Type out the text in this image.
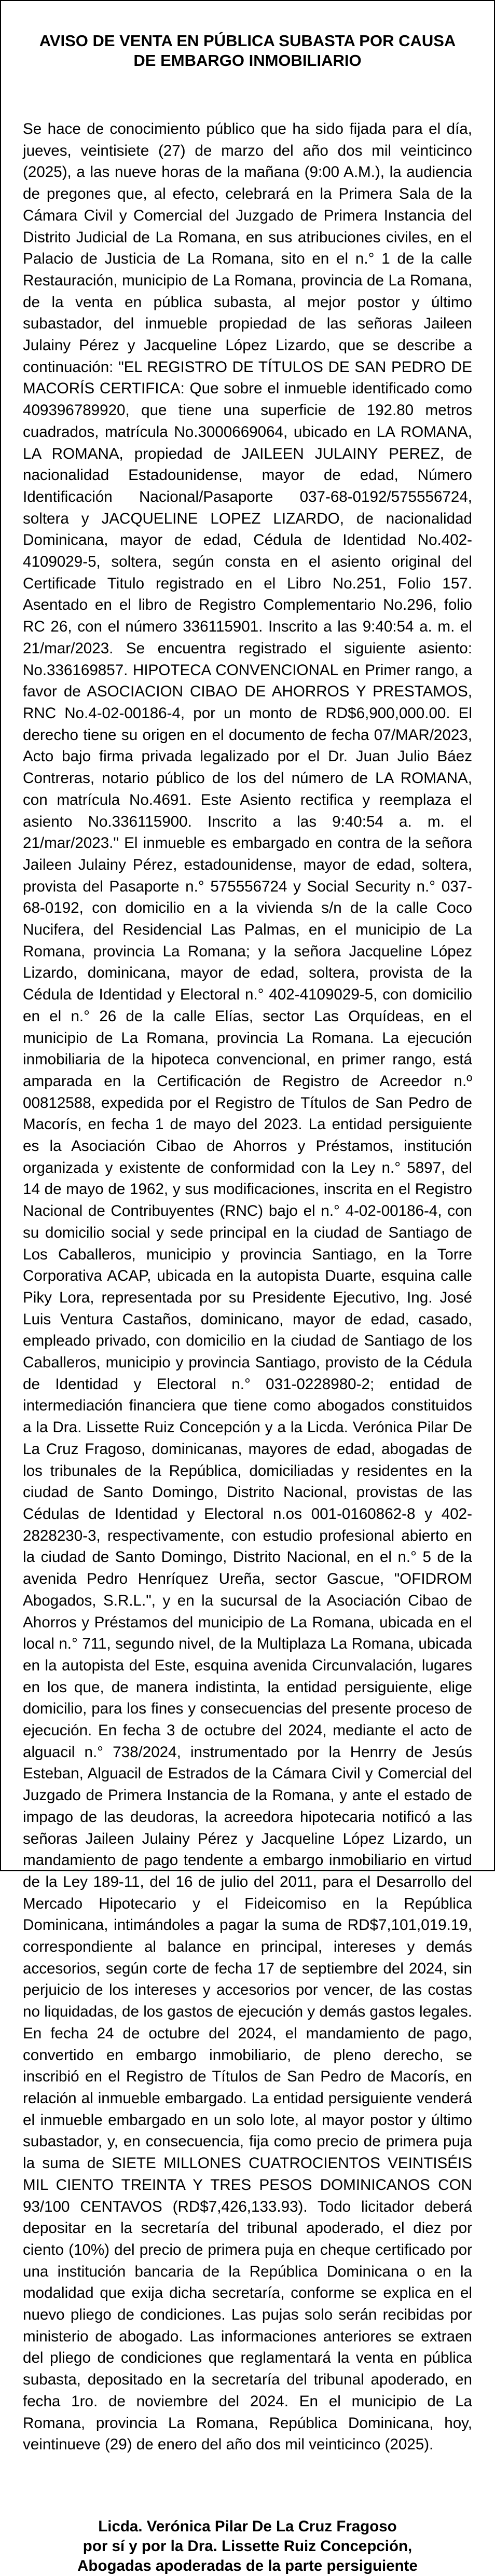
AVISO DE VENTA EN PÚBLICA SUBASTA POR CAUSA
DE EMBARGO INMOBILIARIO
Se hace de conocimiento público que ha sido fijada para el día, jueves, veintisiete (27) de marzo del año dos mil veinticinco (2025), a las nueve horas de la mañana (9:00 A.M.), la audiencia de pregones que, al efecto, celebrará en la Primera Sala de la Cámara Civil y Comercial del Juzgado de Primera Instancia del Distrito Judicial de La Romana, en sus atribuciones civiles, en el Palacio de Justicia de La Romana, sito en el n.° 1 de la calle Restauración, municipio de La Romana, provincia de La Romana, de la venta en pública subasta, al mejor postor y último subastador, del inmueble propiedad de las señoras Jaileen Julainy Pérez y Jacqueline López Lizardo, que se describe a continuación: "EL REGISTRO DE TÍTULOS DE SAN PEDRO DE MACORÍS CERTIFICA: Que sobre el inmueble identificado como 409396789920, que tiene una superficie de 192.80 metros cuadrados, matrícula No.3000669064, ubicado en LA ROMANA, LA ROMANA, propiedad de JAILEEN JULAINY PEREZ, de nacionalidad Estadounidense, mayor de edad, Número Identificación Nacional/Pasaporte 037-68-0192/575556724, soltera y JACQUELINE LOPEZ LIZARDO, de nacionalidad Dominicana, mayor de edad, Cédula de Identidad No.402-4109029-5, soltera, según consta en el asiento original del Certificade Titulo registrado en el Libro No.251, Folio 157. Asentado en el libro de Registro Complementario No.296, folio RC 26, con el número 336115901. Inscrito a las 9:40:54 a. m. el 21/mar/2023. Se encuentra registrado el siguiente asiento: No.336169857. HIPOTECA CONVENCIONAL en Primer rango, a favor de ASOCIACION CIBAO DE AHORROS Y PRESTAMOS, RNC No.4-02-00186-4, por un monto de RD$6,900,000.00. El derecho tiene su origen en el documento de fecha 07/MAR/2023, Acto bajo firma privada legalizado por el Dr. Juan Julio Báez Contreras, notario público de los del número de LA ROMANA, con matrícula No.4691. Este Asiento rectifica y reemplaza el asiento No.336115900. Inscrito a las 9:40:54 a. m. el 21/mar/2023." El inmueble es embargado en contra de la señora Jaileen Julainy Pérez, estadounidense, mayor de edad, soltera, provista del Pasaporte n.° 575556724 y Social Security n.° 037-68-0192, con domicilio en a la vivienda s/n de la calle Coco Nucifera, del Residencial Las Palmas, en el municipio de La Romana, provincia La Romana; y la señora Jacqueline López Lizardo, dominicana, mayor de edad, soltera, provista de la Cédula de Identidad y Electoral n.° 402-4109029-5, con domicilio en el n.° 26 de la calle Elías, sector Las Orquídeas, en el municipio de La Romana, provincia La Romana. La ejecución inmobiliaria de la hipoteca convencional, en primer rango, está amparada en la Certificación de Registro de Acreedor n.º 00812588, expedida por el Registro de Títulos de San Pedro de Macorís, en fecha 1 de mayo del 2023. La entidad persiguiente es la Asociación Cibao de Ahorros y Préstamos, institución organizada y existente de conformidad con la Ley n.° 5897, del 14 de mayo de 1962, y sus modificaciones, inscrita en el Registro Nacional de Contribuyentes (RNC) bajo el n.° 4-02-00186-4, con su domicilio social y sede principal en la ciudad de Santiago de Los Caballeros, municipio y provincia Santiago, en la Torre Corporativa ACAP, ubicada en la autopista Duarte, esquina calle Piky Lora, representada por su Presidente Ejecutivo, Ing. José Luis Ventura Castaños, dominicano, mayor de edad, casado, empleado privado, con domicilio en la ciudad de Santiago de los Caballeros, municipio y provincia Santiago, provisto de la Cédula de Identidad y Electoral n.° 031-0228980-2; entidad de intermediación financiera que tiene como abogados constituidos a la Dra. Lissette Ruiz Concepción y a la Licda. Verónica Pilar De La Cruz Fragoso, dominicanas, mayores de edad, abogadas de los tribunales de la República, domiciliadas y residentes en la ciudad de Santo Domingo, Distrito Nacional, provistas de las Cédulas de Identidad y Electoral n.os 001-0160862-8 y 402-2828230-3, respectivamente, con estudio profesional abierto en la ciudad de Santo Domingo, Distrito Nacional, en el n.° 5 de la avenida Pedro Henríquez Ureña, sector Gascue, "OFIDROM Abogados, S.R.L.", y en la sucursal de la Asociación Cibao de Ahorros y Préstamos del municipio de La Romana, ubicada en el local n.° 711, segundo nivel, de la Multiplaza La Romana, ubicada en la autopista del Este, esquina avenida Circunvalación, lugares en los que, de manera indistinta, la entidad persiguiente, elige domicilio, para los fines y consecuencias del presente proceso de ejecución. En fecha 3 de octubre del 2024, mediante el acto de alguacil n.° 738/2024, instrumentado por la Henrry de Jesús Esteban, Alguacil de Estrados de la Cámara Civil y Comercial del Juzgado de Primera Instancia de la Romana, y ante el estado de impago de las deudoras, la acreedora hipotecaria notificó a las señoras Jaileen Julainy Pérez y Jacqueline López Lizardo, un mandamiento de pago tendente a embargo inmobiliario en virtud de la Ley 189-11, del 16 de julio del 2011, para el Desarrollo del Mercado Hipotecario y el Fideicomiso en la República Dominicana, intimándoles a pagar la suma de RD$7,101,019.19, correspondiente al balance en principal, intereses y demás accesorios, según corte de fecha 17 de septiembre del 2024, sin perjuicio de los intereses y accesorios por vencer, de las costas no liquidadas, de los gastos de ejecución y demás gastos legales. En fecha 24 de octubre del 2024, el mandamiento de pago, convertido en embargo inmobiliario, de pleno derecho, se inscribió en el Registro de Títulos de San Pedro de Macorís, en relación al inmueble embargado. La entidad persiguiente venderá el inmueble embargado en un solo lote, al mayor postor y último subastador, y, en consecuencia, fija como precio de primera puja la suma de SIETE MILLONES CUATROCIENTOS VEINTISÉIS MIL CIENTO TREINTA Y TRES PESOS DOMINICANOS CON 93/100 CENTAVOS (RD$7,426,133.93). Todo licitador deberá depositar en la secretaría del tribunal apoderado, el diez por ciento (10%) del precio de primera puja en cheque certificado por una institución bancaria de la República Dominicana o en la modalidad que exija dicha secretaría, conforme se explica en el nuevo pliego de condiciones. Las pujas solo serán recibidas por ministerio de abogado. Las informaciones anteriores se extraen del pliego de condiciones que reglamentará la venta en pública subasta, depositado en la secretaría del tribunal apoderado, en fecha 1ro. de noviembre del 2024. En el municipio de La Romana, provincia La Romana, República Dominicana, hoy, veintinueve (29) de enero del año dos mil veinticinco (2025).
Licda. Verónica Pilar De La Cruz Fragoso
por sí y por la Dra. Lissette Ruiz Concepción,
Abogadas apoderadas de la parte persiguiente
